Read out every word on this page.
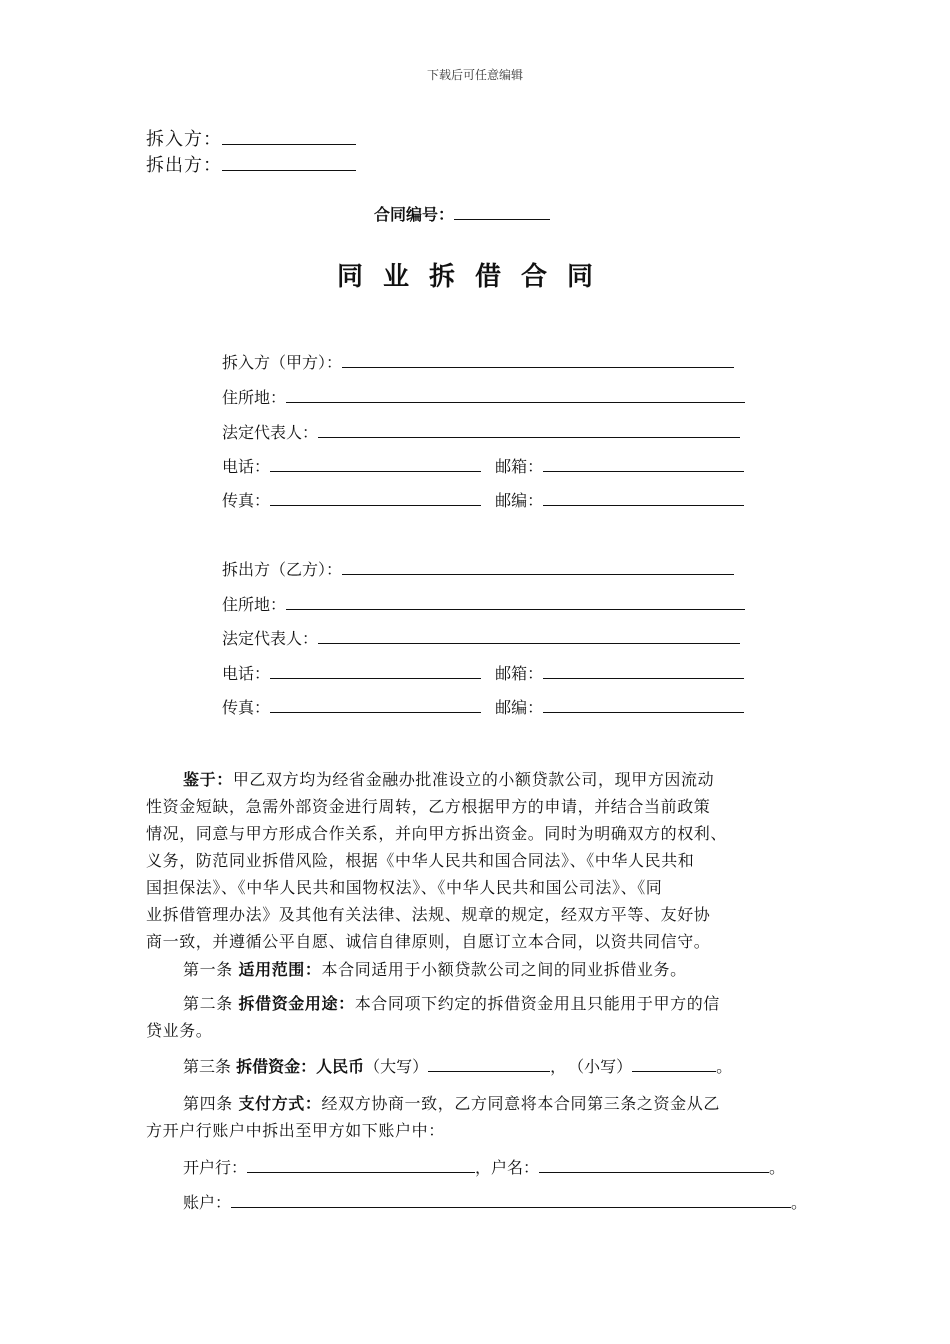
下载后可任意编辑
拆入方：
拆出方：
合同编号：
同业拆借合同
拆入方（甲方）：
住所地：
法定代表人：
电话：	邮箱：
传真：	邮编：
拆出方（乙方）：
住所地：
法定代表人：
电话：	邮箱：
传真：	邮编：
鉴于：甲乙双方均为经省金融办批准设立的小额贷款公司，现甲方因流动
性资金短缺，急需外部资金进行周转，乙方根据甲方的申请，并结合当前政策
情况，同意与甲方形成合作关系，并向甲方拆出资金。同时为明确双方的权利、
义务，防范同业拆借风险，根据《中华人民共和国合同法》、《中华人民共和
国担保法》、《中华人民共和国物权法》、《中华人民共和国公司法》、《同
业拆借管理办法》及其他有关法律、法规、规章的规定，经双方平等、友好协
商一致，并遵循公平自愿、诚信自律原则，自愿订立本合同，以资共同信守。
第一条 适用范围：本合同适用于小额贷款公司之间的同业拆借业务。
第二条 拆借资金用途：本合同项下约定的拆借资金用且只能用于甲方的信
贷业务。
第三条 拆借资金：人民币（大写）	， （小写）	。
第四条 支付方式：经双方协商一致，乙方同意将本合同第三条之资金从乙
方开户行账户中拆出至甲方如下账户中：
开户行：	，户名：	。
账户：	。
